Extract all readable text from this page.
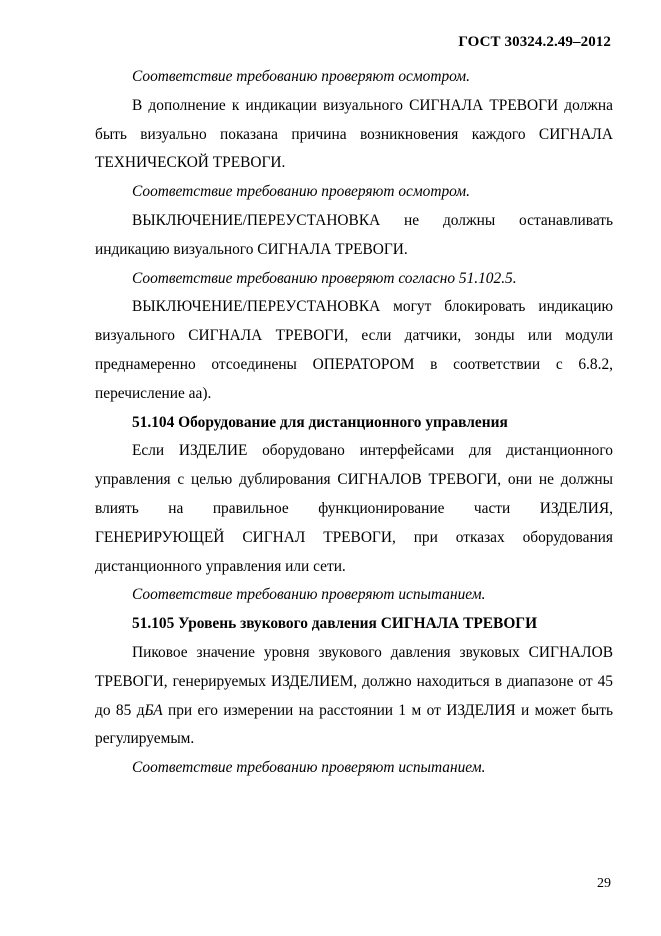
ГОСТ 30324.2.49–2012

Соответствие требованию проверяют осмотром.

В дополнение к индикации визуального СИГНАЛА ТРЕВОГИ должна быть визуально показана причина возникновения каждого СИГНАЛА ТЕХНИЧЕСКОЙ ТРЕВОГИ.

Соответствие требованию проверяют осмотром.

ВЫКЛЮЧЕНИЕ/ПЕРЕУСТАНОВКА не должны останавливать индикацию визуального СИГНАЛА ТРЕВОГИ.

Соответствие требованию проверяют согласно 51.102.5.

ВЫКЛЮЧЕНИЕ/ПЕРЕУСТАНОВКА могут блокировать индикацию визуального СИГНАЛА ТРЕВОГИ, если датчики, зонды или модули преднамеренно отсоединены ОПЕРАТОРОМ в соответствии с 6.8.2, перечисление аа).

51.104 Оборудование для дистанционного управления

Если ИЗДЕЛИЕ оборудовано интерфейсами для дистанционного управления с целью дублирования СИГНАЛОВ ТРЕВОГИ, они не должны влиять на правильное функционирование части ИЗДЕЛИЯ, ГЕНЕРИРУЮЩЕЙ СИГНАЛ ТРЕВОГИ, при отказах оборудования дистанционного управления или сети.

Соответствие требованию проверяют испытанием.

51.105 Уровень звукового давления СИГНАЛА ТРЕВОГИ

Пиковое значение уровня звукового давления звуковых СИГНАЛОВ ТРЕВОГИ, генерируемых ИЗДЕЛИЕМ, должно находиться в диапазоне от 45 до 85 дБА при его измерении на расстоянии 1 м от ИЗДЕЛИЯ и может быть регулируемым.

Соответствие требованию проверяют испытанием.

29
